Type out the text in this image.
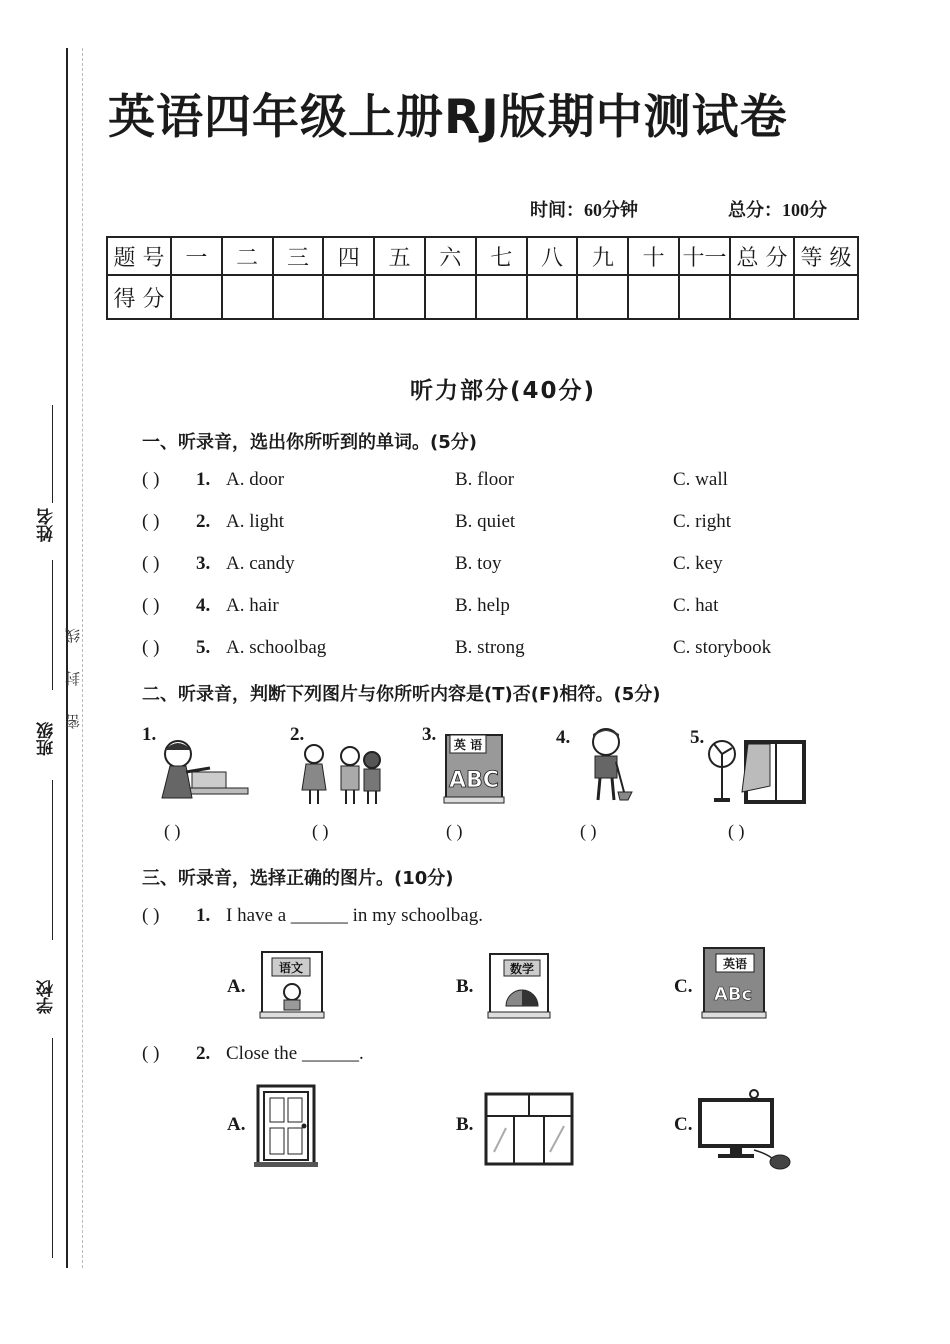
姓名
班级
学校
密封线
英语四年级上册RJ版期中测试卷
时间：60分钟	总分：100分
题 号	一	二	三	四	五	六	七	八	九	十	十一	总 分	等 级
得 分													
听力部分(40分)
一、听录音，选出你所听到的单词。(5分)
( ) 1. A. door	B. floor	C. wall
( ) 2. A. light	B. quiet	C. right
( ) 3. A. candy	B. toy	C. key
( ) 4. A. hair	B. help	C. hat
( ) 5. A. schoolbag	B. strong	C. storybook
二、听录音，判断下列图片与你所听内容是(T)否(F)相符。(5分)
1.	2.	3.	4.	5.
英 语
ABC
( )	( )	( )	( )	( )
三、听录音，选择正确的图片。(10分)
( ) 1. I have a ______ in my schoolbag.
A.	B.	C.
语文	数学	英语
ABc
( ) 2. Close the ______.
A.	B.	C.
